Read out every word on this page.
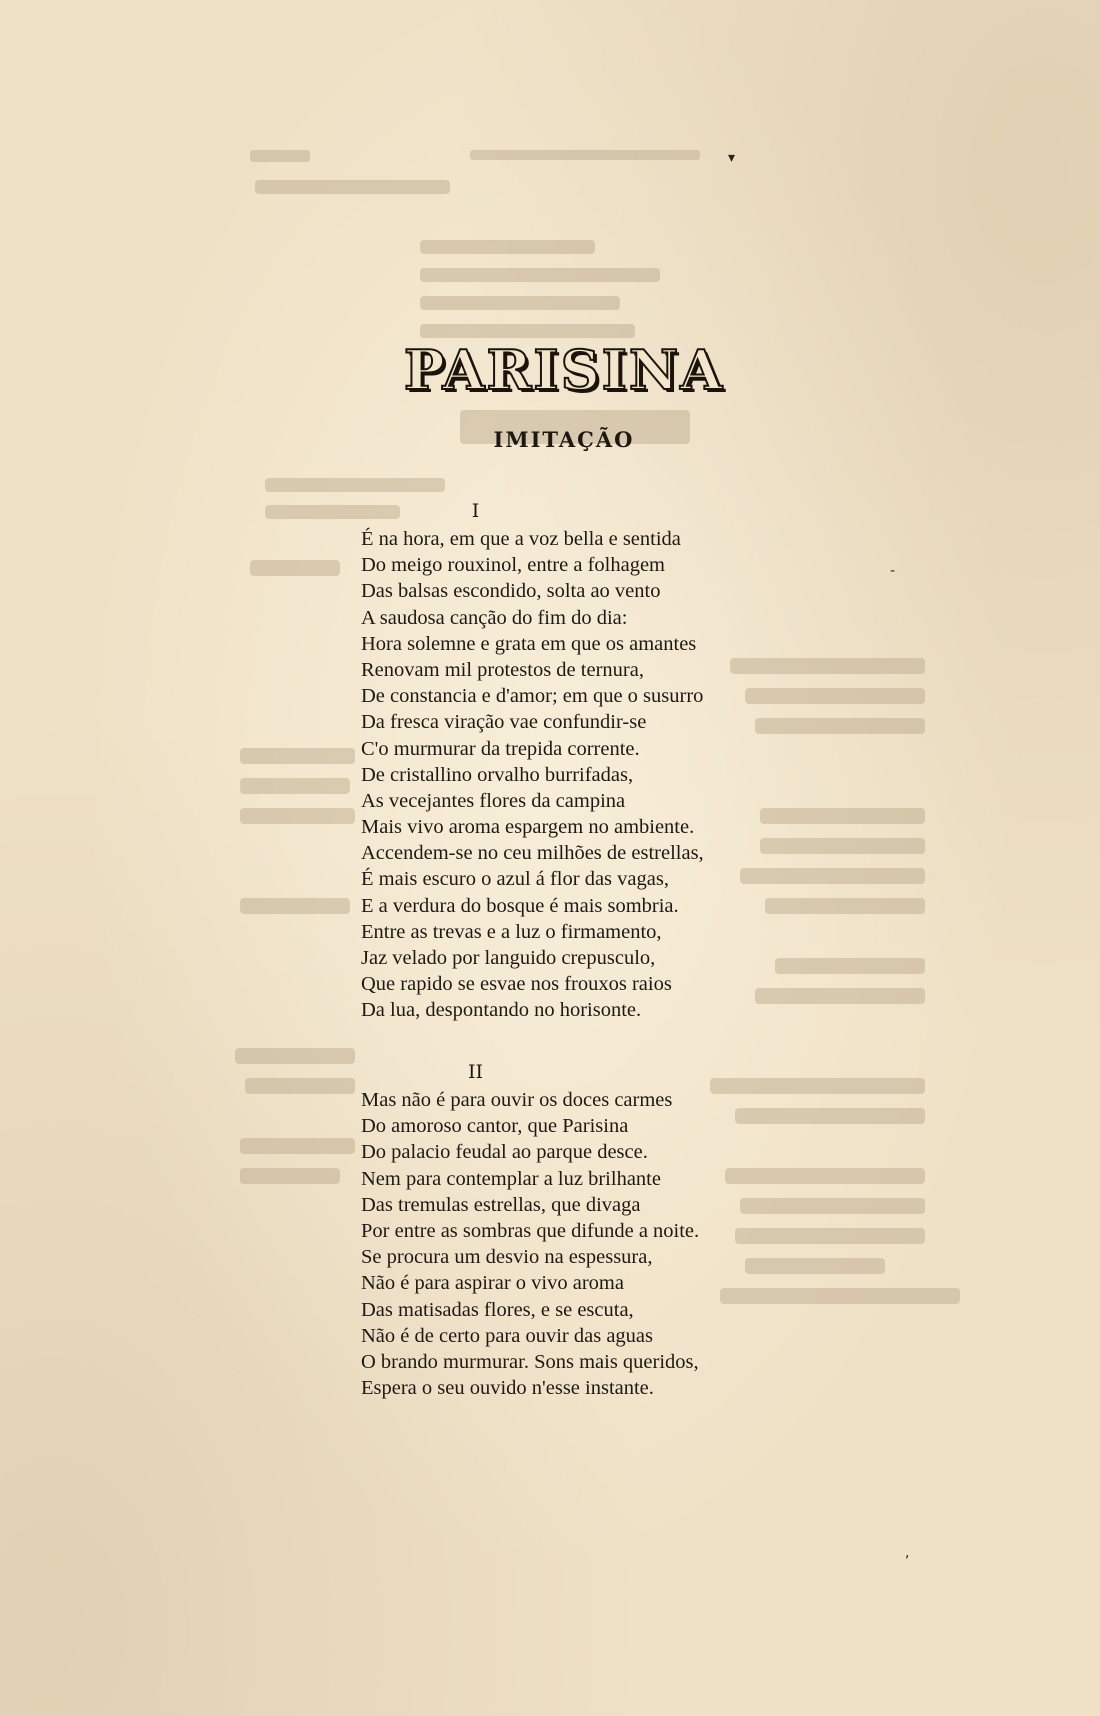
▾
‐
,
PARISINA
IMITAÇÃO
I
É na hora, em que a voz bella e sentida
Do meigo rouxinol, entre a folhagem
Das balsas escondido, solta ao vento
A saudosa canção do fim do dia:
Hora solemne e grata em que os amantes
Renovam mil protestos de ternura,
De constancia e d'amor; em que o susurro
Da fresca viração vae confundir-se
C'o murmurar da trepida corrente.
De cristallino orvalho burrifadas,
As vecejantes flores da campina
Mais vivo aroma espargem no ambiente.
Accendem-se no ceu milhões de estrellas,
É mais escuro o azul á flor das vagas,
E a verdura do bosque é mais sombria.
Entre as trevas e a luz o firmamento,
Jaz velado por languido crepusculo,
Que rapido se esvae nos frouxos raios
Da lua, despontando no horisonte.
II
Mas não é para ouvir os doces carmes
Do amoroso cantor, que Parisina
Do palacio feudal ao parque desce.
Nem para contemplar a luz brilhante
Das tremulas estrellas, que divaga
Por entre as sombras que difunde a noite.
Se procura um desvio na espessura,
Não é para aspirar o vivo aroma
Das matisadas flores, e se escuta,
Não é de certo para ouvir das aguas
O brando murmurar. Sons mais queridos,
Espera o seu ouvido n'esse instante.
